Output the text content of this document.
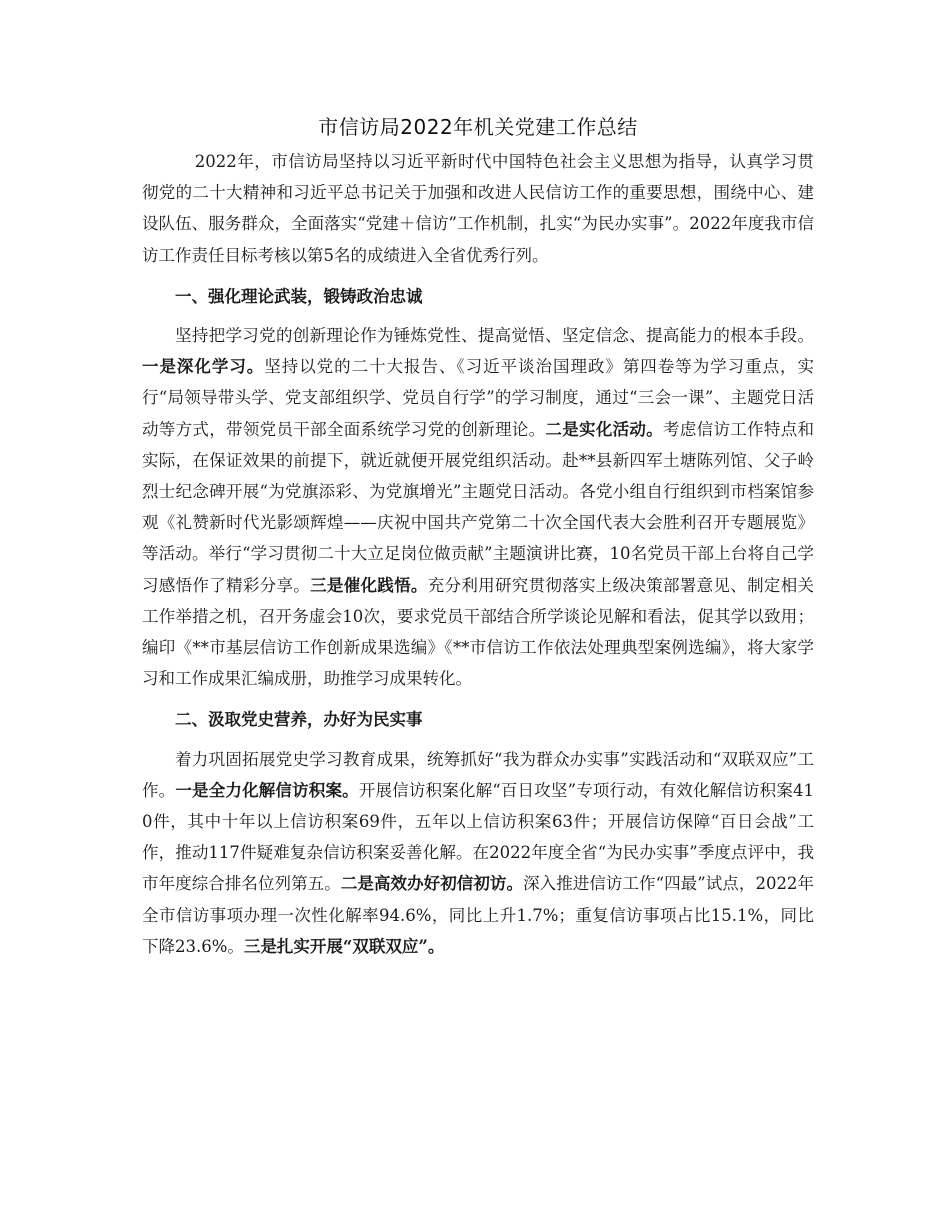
市信访局2022年机关党建工作总结

2022年，市信访局坚持以习近平新时代中国特色社会主义思想为指导，认真学习贯彻党的二十大精神和习近平总书记关于加强和改进人民信访工作的重要思想，围绕中心、建设队伍、服务群众，全面落实“党建＋信访”工作机制，扎实“为民办实事”。2022年度我市信访工作责任目标考核以第5名的成绩进入全省优秀行列。

一、强化理论武装，锻铸政治忠诚

坚持把学习党的创新理论作为锤炼党性、提高觉悟、坚定信念、提高能力的根本手段。一是深化学习。坚持以党的二十大报告、《习近平谈治国理政》第四卷等为学习重点，实行“局领导带头学、党支部组织学、党员自行学”的学习制度，通过“三会一课”、主题党日活动等方式，带领党员干部全面系统学习党的创新理论。二是实化活动。考虑信访工作特点和实际，在保证效果的前提下，就近就便开展党组织活动。赴**县新四军土塘陈列馆、父子岭烈士纪念碑开展“为党旗添彩、为党旗增光”主题党日活动。各党小组自行组织到市档案馆参观《礼赞新时代光影颂辉煌——庆祝中国共产党第二十次全国代表大会胜利召开专题展览》等活动。举行“学习贯彻二十大立足岗位做贡献”主题演讲比赛，10名党员干部上台将自己学习感悟作了精彩分享。三是催化践悟。充分利用研究贯彻落实上级决策部署意见、制定相关工作举措之机，召开务虚会10次，要求党员干部结合所学谈论见解和看法，促其学以致用；编印《**市基层信访工作创新成果选编》《**市信访工作依法处理典型案例选编》，将大家学习和工作成果汇编成册，助推学习成果转化。

二、汲取党史营养，办好为民实事

着力巩固拓展党史学习教育成果，统筹抓好“我为群众办实事”实践活动和“双联双应”工作。一是全力化解信访积案。开展信访积案化解“百日攻坚”专项行动，有效化解信访积案410件，其中十年以上信访积案69件，五年以上信访积案63件；开展信访保障“百日会战”工作，推动117件疑难复杂信访积案妥善化解。在2022年度全省“为民办实事”季度点评中，我市年度综合排名位列第五。二是高效办好初信初访。深入推进信访工作“四最”试点，2022年全市信访事项办理一次性化解率94.6%，同比上升1.7%；重复信访事项占比15.1%，同比下降23.6%。三是扎实开展“双联双应”。
